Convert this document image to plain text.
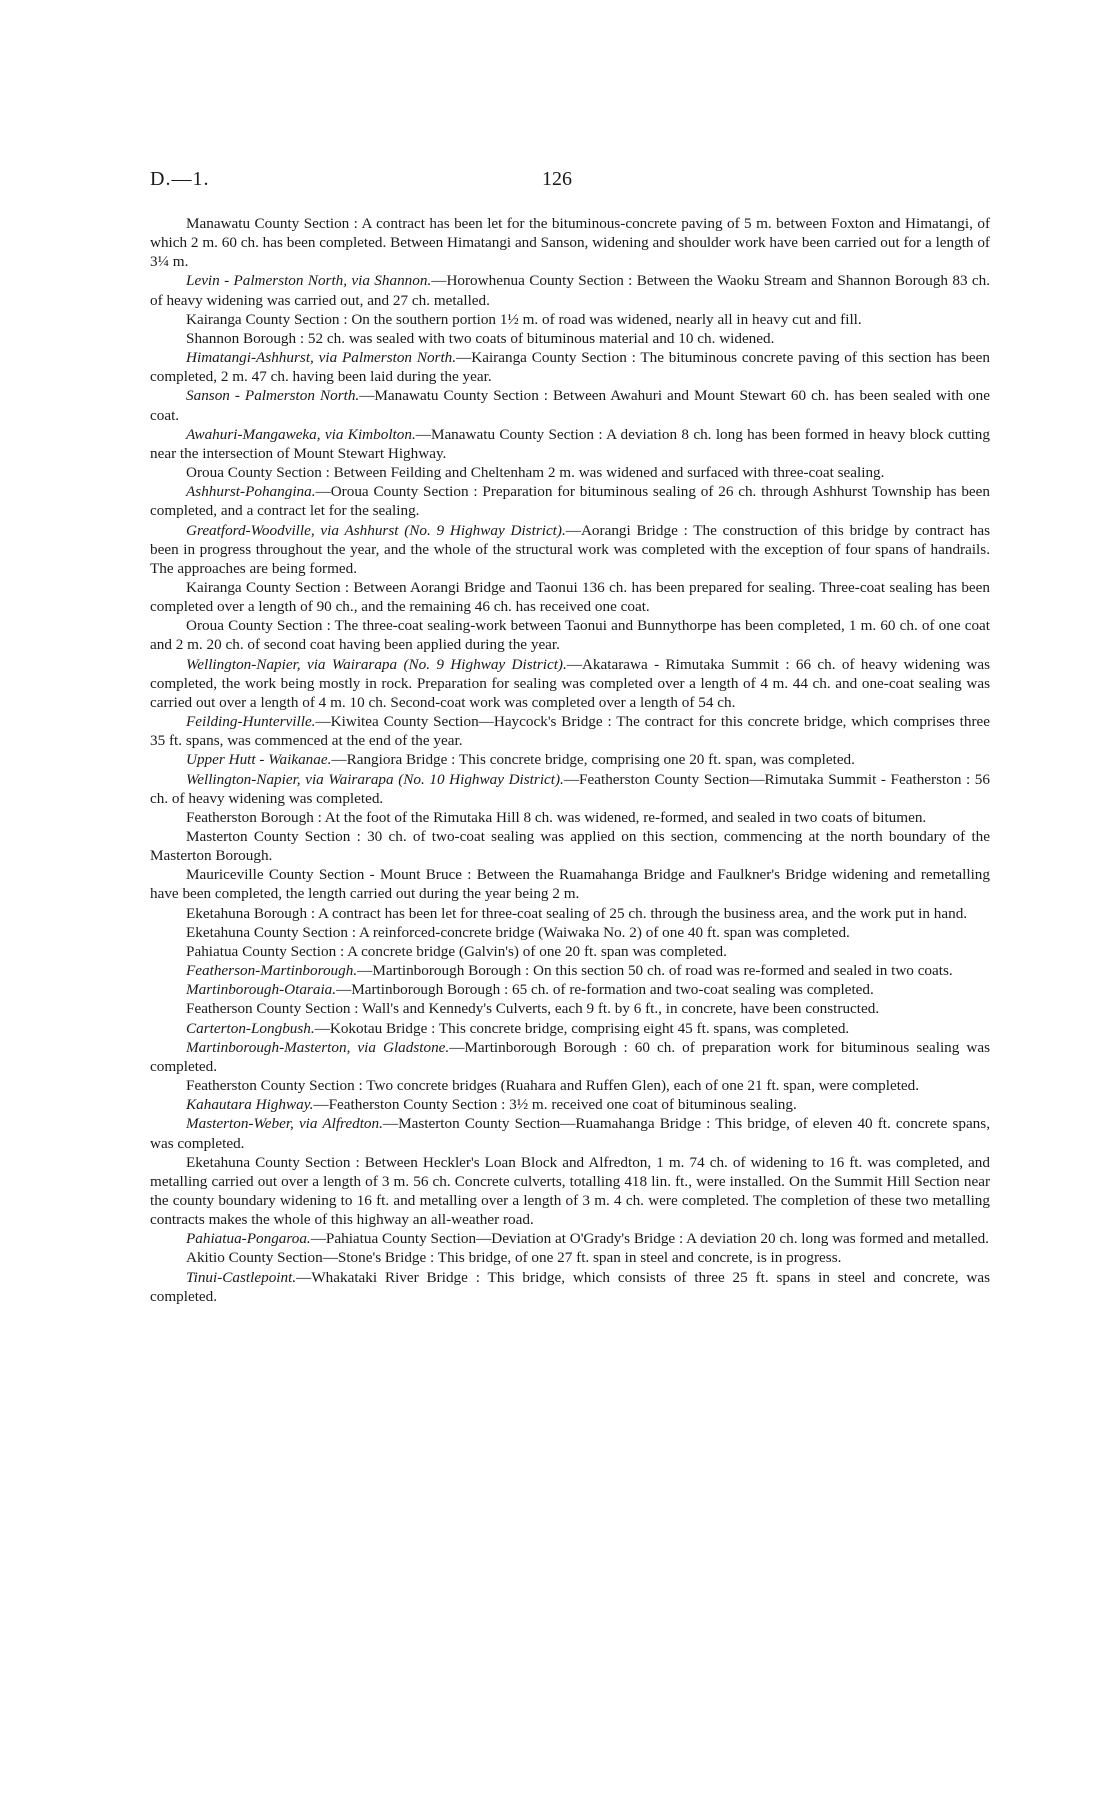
D.—1.	126

Manawatu County Section : A contract has been let for the bituminous-concrete paving of 5 m. between Foxton and Himatangi, of which 2 m. 60 ch. has been completed. Between Himatangi and Sanson, widening and shoulder work have been carried out for a length of 3¼ m.

Levin - Palmerston North, via Shannon.—Horowhenua County Section : Between the Waoku Stream and Shannon Borough 83 ch. of heavy widening was carried out, and 27 ch. metalled.

Kairanga County Section : On the southern portion 1½ m. of road was widened, nearly all in heavy cut and fill.

Shannon Borough : 52 ch. was sealed with two coats of bituminous material and 10 ch. widened.

Himatangi-Ashhurst, via Palmerston North.—Kairanga County Section : The bituminous concrete paving of this section has been completed, 2 m. 47 ch. having been laid during the year.

Sanson - Palmerston North.—Manawatu County Section : Between Awahuri and Mount Stewart 60 ch. has been sealed with one coat.

Awahuri-Mangaweka, via Kimbolton.—Manawatu County Section : A deviation 8 ch. long has been formed in heavy block cutting near the intersection of Mount Stewart Highway.

Oroua County Section : Between Feilding and Cheltenham 2 m. was widened and surfaced with three-coat sealing.

Ashhurst-Pohangina.—Oroua County Section : Preparation for bituminous sealing of 26 ch. through Ashhurst Township has been completed, and a contract let for the sealing.

Greatford-Woodville, via Ashhurst (No. 9 Highway District).—Aorangi Bridge : The construction of this bridge by contract has been in progress throughout the year, and the whole of the structural work was completed with the exception of four spans of handrails. The approaches are being formed.

Kairanga County Section : Between Aorangi Bridge and Taonui 136 ch. has been prepared for sealing. Three-coat sealing has been completed over a length of 90 ch., and the remaining 46 ch. has received one coat.

Oroua County Section : The three-coat sealing-work between Taonui and Bunnythorpe has been completed, 1 m. 60 ch. of one coat and 2 m. 20 ch. of second coat having been applied during the year.

Wellington-Napier, via Wairarapa (No. 9 Highway District).—Akatarawa - Rimutaka Summit : 66 ch. of heavy widening was completed, the work being mostly in rock. Preparation for sealing was completed over a length of 4 m. 44 ch. and one-coat sealing was carried out over a length of 4 m. 10 ch. Second-coat work was completed over a length of 54 ch.

Feilding-Hunterville.—Kiwitea County Section—Haycock's Bridge : The contract for this concrete bridge, which comprises three 35 ft. spans, was commenced at the end of the year.

Upper Hutt - Waikanae.—Rangiora Bridge : This concrete bridge, comprising one 20 ft. span, was completed.

Wellington-Napier, via Wairarapa (No. 10 Highway District).—Featherston County Section—Rimutaka Summit - Featherston : 56 ch. of heavy widening was completed.

Featherston Borough : At the foot of the Rimutaka Hill 8 ch. was widened, re-formed, and sealed in two coats of bitumen.

Masterton County Section : 30 ch. of two-coat sealing was applied on this section, commencing at the north boundary of the Masterton Borough.

Mauriceville County Section - Mount Bruce : Between the Ruamahanga Bridge and Faulkner's Bridge widening and remetalling have been completed, the length carried out during the year being 2 m.

Eketahuna Borough : A contract has been let for three-coat sealing of 25 ch. through the business area, and the work put in hand.

Eketahuna County Section : A reinforced-concrete bridge (Waiwaka No. 2) of one 40 ft. span was completed.

Pahiatua County Section : A concrete bridge (Galvin's) of one 20 ft. span was completed.

Featherson-Martinborough.—Martinborough Borough : On this section 50 ch. of road was re-formed and sealed in two coats.

Martinborough-Otaraia.—Martinborough Borough : 65 ch. of re-formation and two-coat sealing was completed.

Featherson County Section : Wall's and Kennedy's Culverts, each 9 ft. by 6 ft., in concrete, have been constructed.

Carterton-Longbush.—Kokotau Bridge : This concrete bridge, comprising eight 45 ft. spans, was completed.

Martinborough-Masterton, via Gladstone.—Martinborough Borough : 60 ch. of preparation work for bituminous sealing was completed.

Featherston County Section : Two concrete bridges (Ruahara and Ruffen Glen), each of one 21 ft. span, were completed.

Kahautara Highway.—Featherston County Section : 3½ m. received one coat of bituminous sealing.

Masterton-Weber, via Alfredton.—Masterton County Section—Ruamahanga Bridge : This bridge, of eleven 40 ft. concrete spans, was completed.

Eketahuna County Section : Between Heckler's Loan Block and Alfredton, 1 m. 74 ch. of widening to 16 ft. was completed, and metalling carried out over a length of 3 m. 56 ch. Concrete culverts, totalling 418 lin. ft., were installed. On the Summit Hill Section near the county boundary widening to 16 ft. and metalling over a length of 3 m. 4 ch. were completed. The completion of these two metalling contracts makes the whole of this highway an all-weather road.

Pahiatua-Pongaroa.—Pahiatua County Section—Deviation at O'Grady's Bridge : A deviation 20 ch. long was formed and metalled.

Akitio County Section—Stone's Bridge : This bridge, of one 27 ft. span in steel and concrete, is in progress.

Tinui-Castlepoint.—Whakataki River Bridge : This bridge, which consists of three 25 ft. spans in steel and concrete, was completed.
